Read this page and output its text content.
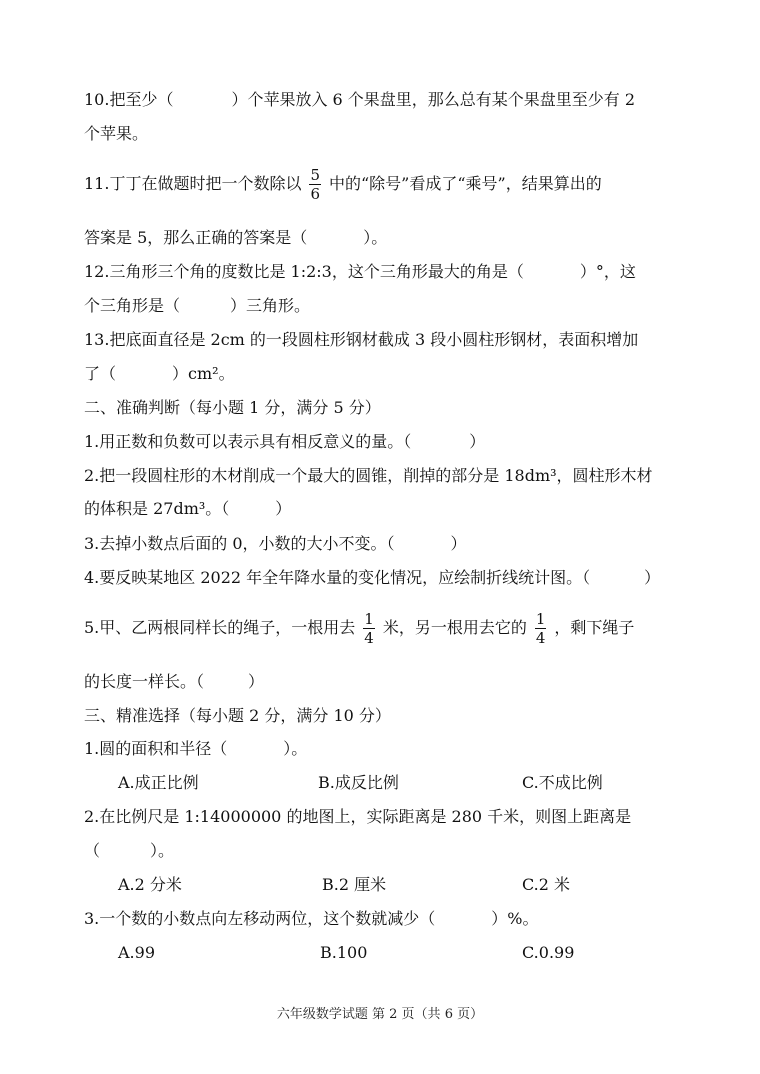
10.把至少（	）个苹果放入 6 个果盘里，那么总有某个果盘里至少有 2
个苹果。
11.丁丁在做题时把一个数除以 $\frac{5}{6}$ 中的“除号”看成了“乘号”，结果算出的
答案是 5，那么正确的答案是（	）。
12.三角形三个角的度数比是 1:2:3，这个三角形最大的角是（	）°，这
个三角形是（	）三角形。
13.把底面直径是 2cm 的一段圆柱形钢材截成 3 段小圆柱形钢材，表面积增加
了（	）cm²。
二、准确判断（每小题 1 分，满分 5 分）
1.用正数和负数可以表示具有相反意义的量。（	）
2.把一段圆柱形的木材削成一个最大的圆锥，削掉的部分是 18dm³，圆柱形木材
的体积是 27dm³。（	）
3.去掉小数点后面的 0，小数的大小不变。（	）
4.要反映某地区 2022 年全年降水量的变化情况，应绘制折线统计图。（	）
5.甲、乙两根同样长的绳子，一根用去 $\frac{1}{4}$ 米，另一根用去它的 $\frac{1}{4}$ ，剩下绳子
的长度一样长。（	）
三、精准选择（每小题 2 分，满分 10 分）
1.圆的面积和半径（	）。
A.成正比例	B.成反比例	C.不成比例
2.在比例尺是 1:14000000 的地图上，实际距离是 280 千米，则图上距离是
（	）。
A.2 分米	B.2 厘米	C.2 米
3.一个数的小数点向左移动两位，这个数就减少（	）%。
A.99	B.100	C.0.99
六年级数学试题 第 2 页（共 6 页）
